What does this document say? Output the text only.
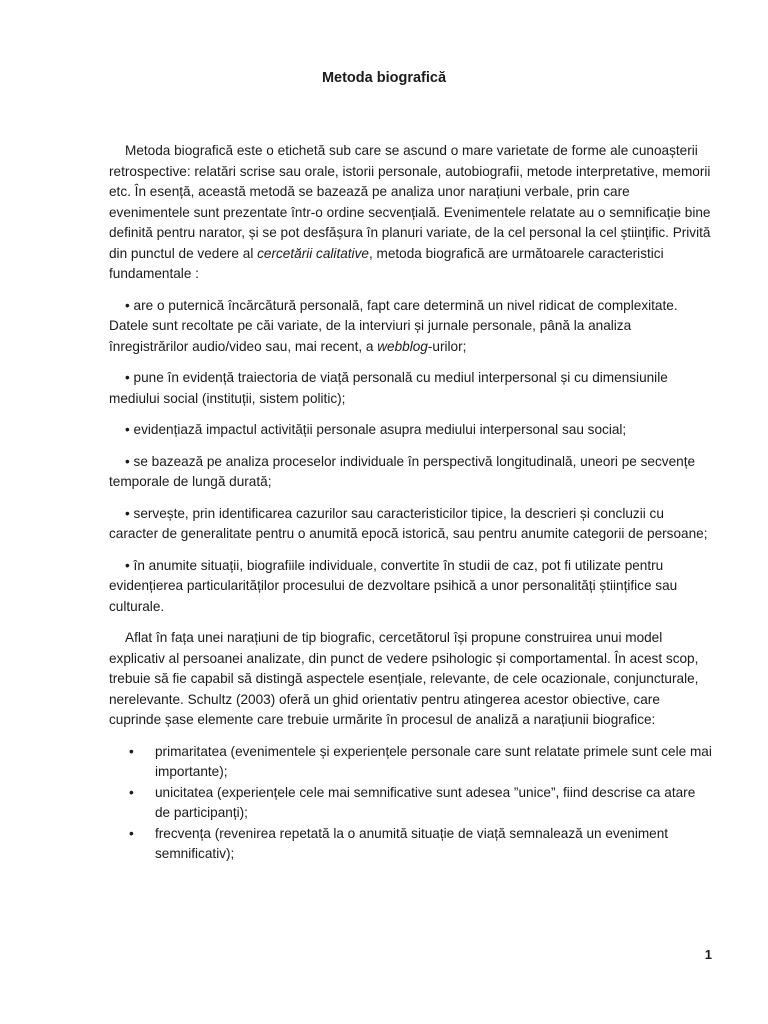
Metoda biografică

Metoda biografică este o etichetă sub care se ascund o mare varietate de forme ale cunoașterii retrospective: relatări scrise sau orale, istorii personale, autobiografii, metode interpretative, memorii etc. În esență, această metodă se bazează pe analiza unor narațiuni verbale, prin care evenimentele sunt prezentate într-o ordine secvențială. Evenimentele relatate au o semnificație bine definită pentru narator, și se pot desfășura în planuri variate, de la cel personal la cel științific. Privită din punctul de vedere al cercetării calitative, metoda biografică are următoarele caracteristici fundamentale :

• are o puternică încărcătură personală, fapt care determină un nivel ridicat de complexitate. Datele sunt recoltate pe căi variate, de la interviuri și jurnale personale, până la analiza înregistrărilor audio/video sau, mai recent, a webblog-urilor;

• pune în evidență traiectoria de viață personală cu mediul interpersonal și cu dimensiunile mediului social (instituții, sistem politic);

• evidențiază impactul activității personale asupra mediului interpersonal sau social;

• se bazează pe analiza proceselor individuale în perspectivă longitudinală, uneori pe secvențe temporale de lungă durată;

• servește, prin identificarea cazurilor sau caracteristicilor tipice, la descrieri și concluzii cu caracter de generalitate pentru o anumită epocă istorică, sau pentru anumite categorii de persoane;

• în anumite situații, biografiile individuale, convertite în studii de caz, pot fi utilizate pentru evidențierea particularităților procesului de dezvoltare psihică a unor personalități științifice sau culturale.

Aflat în fața unei narațiuni de tip biografic, cercetătorul își propune construirea unui model explicativ al persoanei analizate, din punct de vedere psihologic și comportamental. În acest scop, trebuie să fie capabil să distingă aspectele esențiale, relevante, de cele ocazionale, conjuncturale, nerelevante. Schultz (2003) oferă un ghid orientativ pentru atingerea acestor obiective, care cuprinde șase elemente care trebuie urmărite în procesul de analiză a narațiunii biografice:

• primaritatea (evenimentele și experiențele personale care sunt relatate primele sunt cele mai importante);
• unicitatea (experiențele cele mai semnificative sunt adesea ”unice”, fiind descrise ca atare de participanți);
• frecvența (revenirea repetată la o anumită situație de viață semnalează un eveniment semnificativ);
1
